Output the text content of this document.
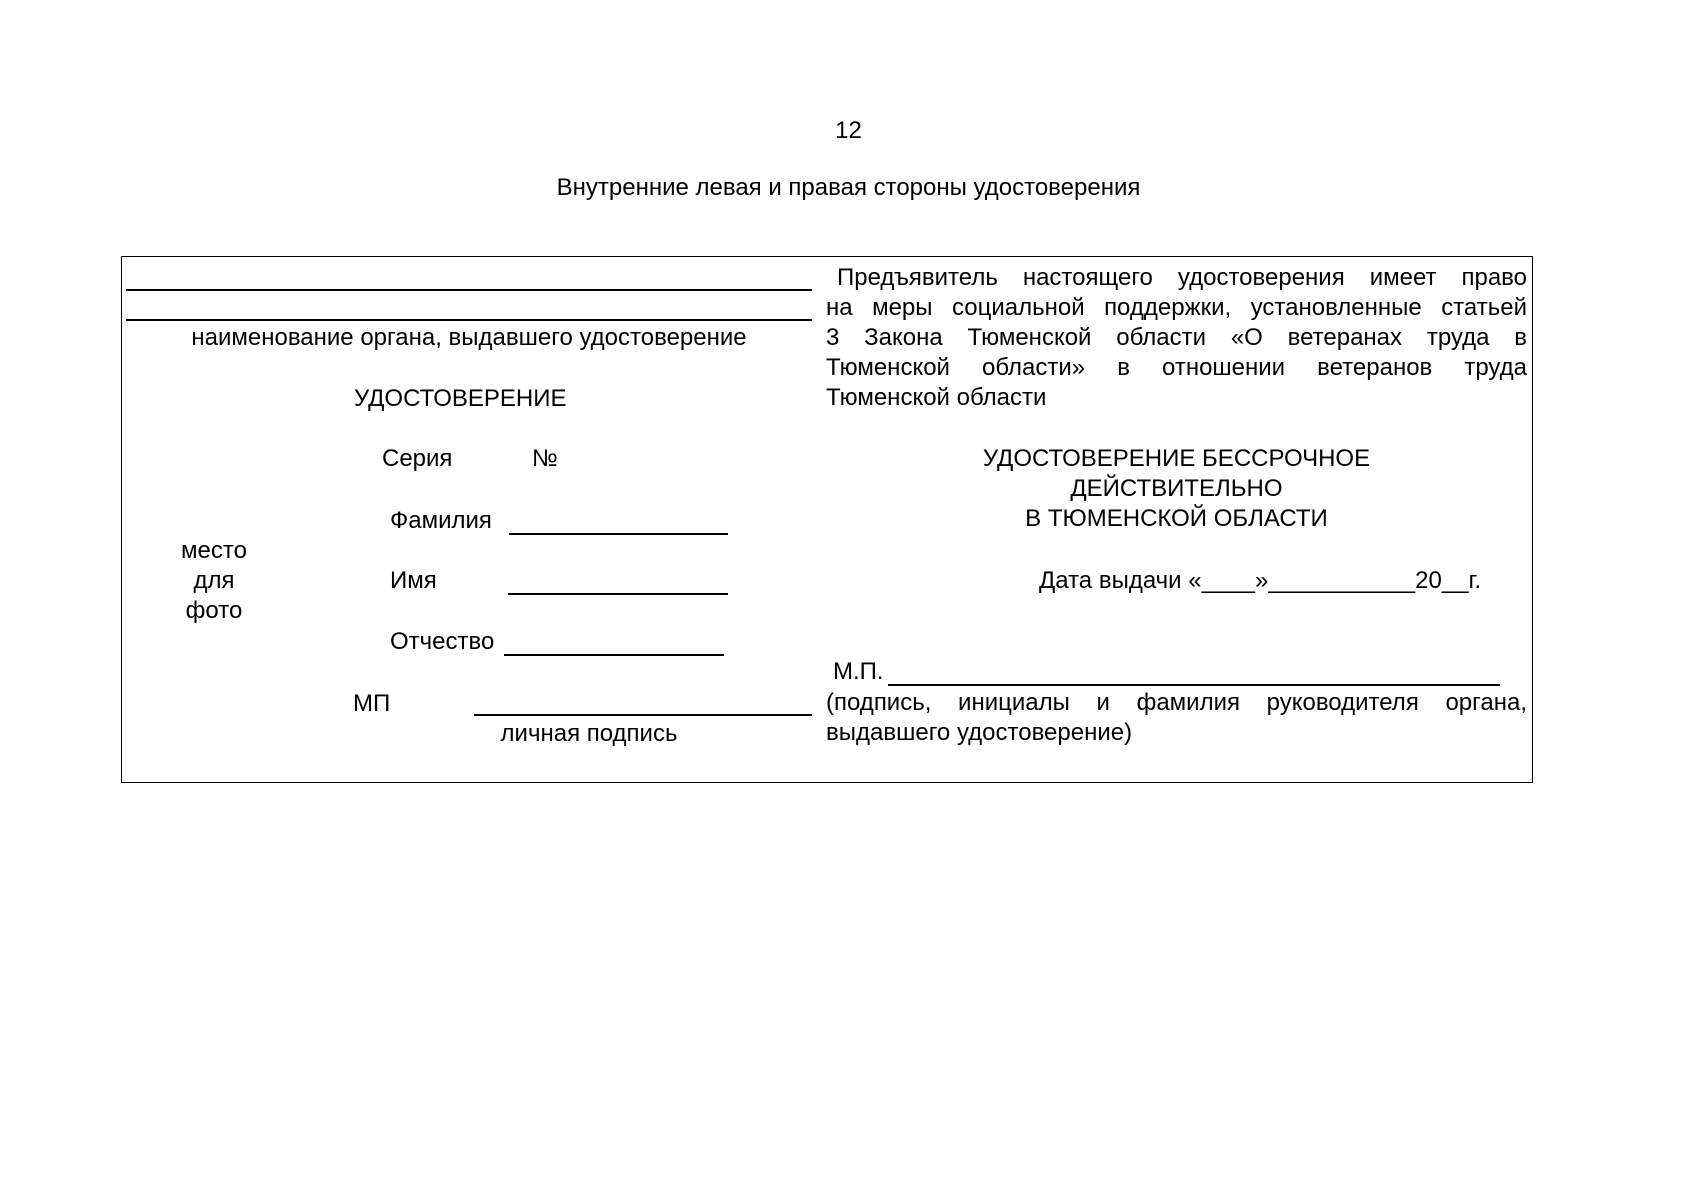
12
Внутренние левая и правая стороны удостоверения
наименование органа, выдавшего удостоверение
УДОСТОВЕРЕНИЕ
Серия	№
Фамилия
Имя
Отчество
место
для
фото
МП
личная подпись
Предъявитель настоящего удостоверения имеет право
на меры социальной поддержки, установленные статьей
3 Закона Тюменской области «О ветеранах труда в
Тюменской области» в отношении ветеранов труда
Тюменской области
УДОСТОВЕРЕНИЕ БЕССРОЧНОЕ
ДЕЙСТВИТЕЛЬНО
В ТЮМЕНСКОЙ ОБЛАСТИ
Дата выдачи «____»___________20__г.
М.П.
(подпись, инициалы и фамилия руководителя органа,
выдавшего удостоверение)
